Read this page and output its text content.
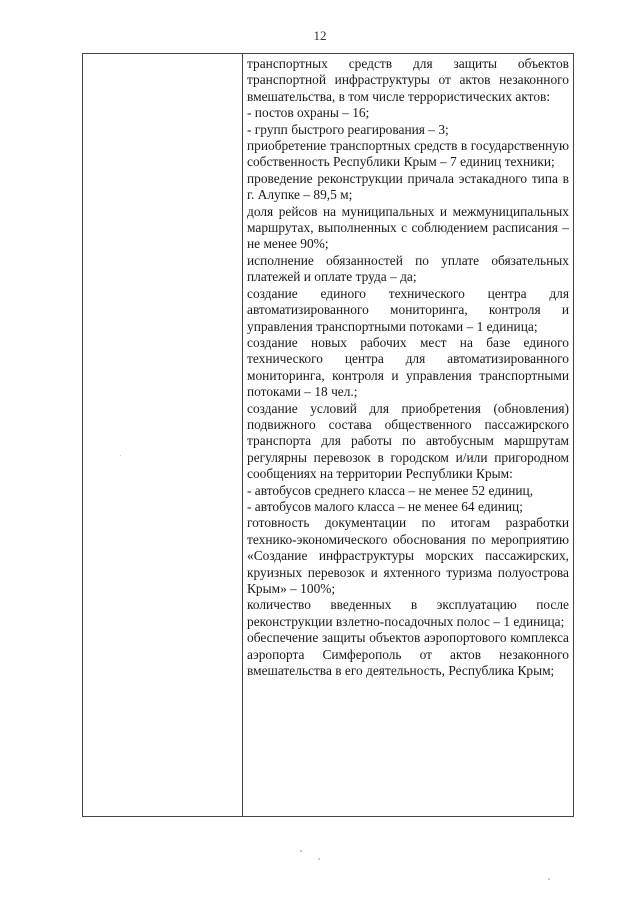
12

транспортных средств для защиты объектов транспортной инфраструктуры от актов незаконного вмешательства, в том числе террористических актов:

- постов охраны – 16;

- групп быстрого реагирования – 3;

приобретение транспортных средств в государственную собственность Республики Крым – 7 единиц техники;

проведение реконструкции причала эстакадного типа в г. Алупке – 89,5 м;

доля рейсов на муниципальных и межмуниципальных маршрутах, выполненных с соблюдением расписания – не менее 90%;

исполнение обязанностей по уплате обязательных платежей и оплате труда – да;

создание единого технического центра для автоматизированного мониторинга, контроля и управления транспортными потоками – 1 единица;

создание новых рабочих мест на базе единого технического центра для автоматизированного мониторинга, контроля и управления транспортными потоками – 18 чел.;

создание условий для приобретения (обновления) подвижного состава общественного пассажирского транспорта для работы по автобусным маршрутам регулярны перевозок в городском и/или пригородном сообщениях на территории Республики Крым:

- автобусов среднего класса – не менее 52 единиц,

- автобусов малого класса – не менее 64 единиц;

готовность документации по итогам разработки технико-экономического обоснования по мероприятию «Создание инфраструктуры морских пассажирских, круизных перевозок и яхтенного туризма полуострова Крым» – 100%;

количество введенных в эксплуатацию после реконструкции взлетно-посадочных полос – 1 единица;

обеспечение защиты объектов аэропортового комплекса аэропорта Симферополь от актов незаконного вмешательства в его деятельность, Республика Крым;
